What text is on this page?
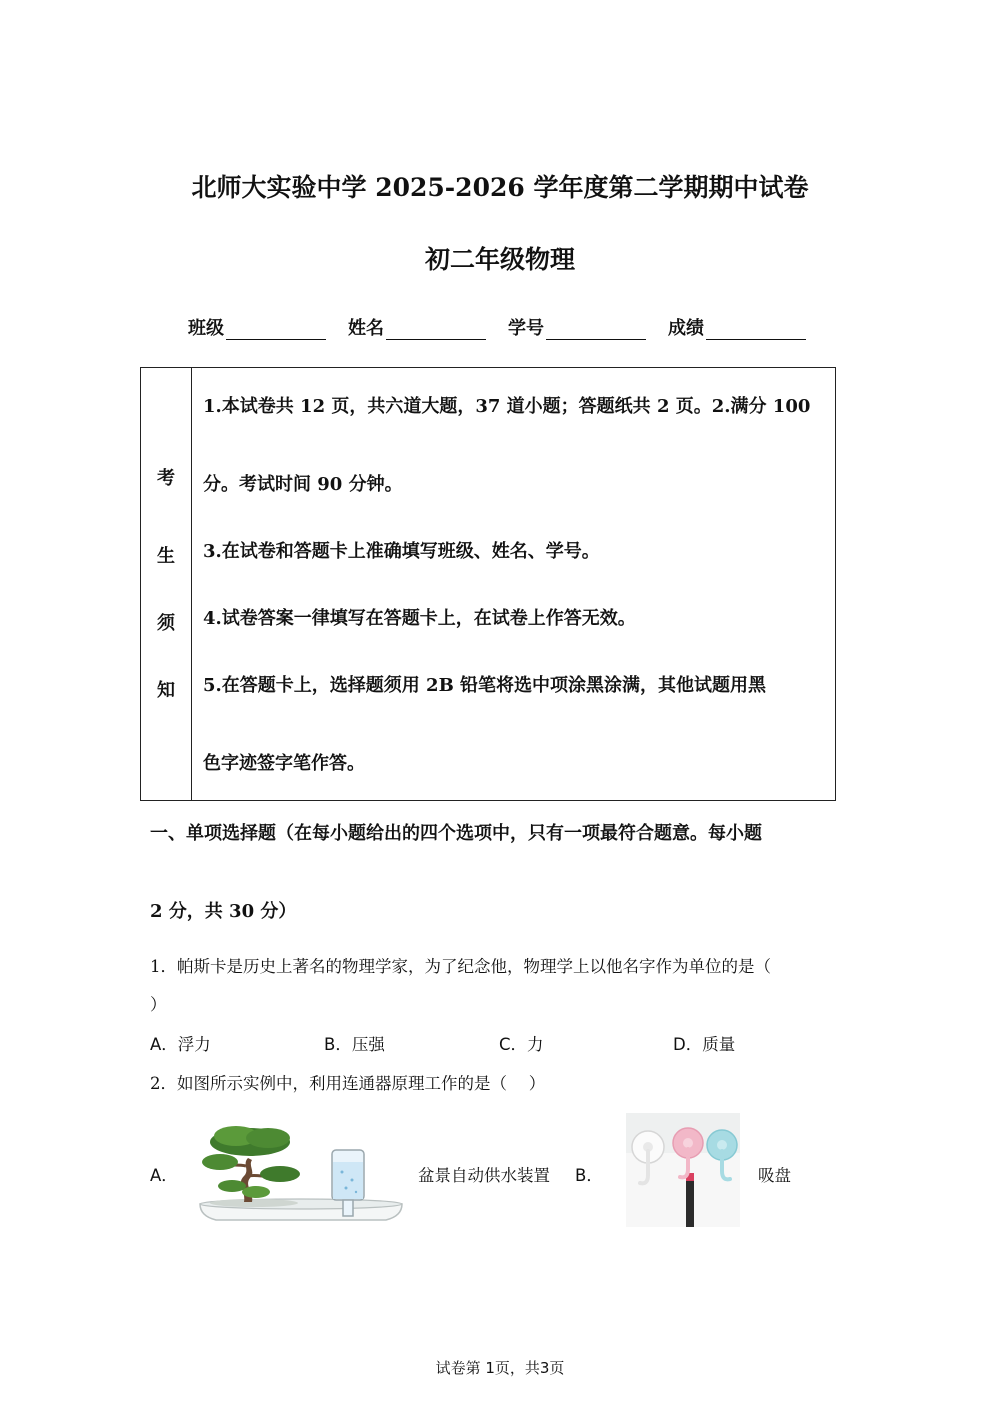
北师大实验中学 2025-2026 学年度第二学期期中试卷
初二年级物理
班级	姓名	学号	成绩
考
生
须
知
1.本试卷共 12 页，共六道大题，37 道小题；答题纸共 2 页。2.满分 100
分。考试时间 90 分钟。
3.在试卷和答题卡上准确填写班级、姓名、学号。
4.试卷答案一律填写在答题卡上，在试卷上作答无效。
5.在答题卡上，选择题须用 2B 铅笔将选中项涂黑涂满，其他试题用黑
色字迹签字笔作答。
一、单项选择题（在每小题给出的四个选项中，只有一项最符合题意。每小题
2 分，共 30 分）
1．帕斯卡是历史上著名的物理学家，为了纪念他，物理学上以他名字作为单位的是（
）
A．浮力	B．压强	C．力	D．质量
2．如图所示实例中，利用连通器原理工作的是（　 ）
A．	盆景自动供水装置 B．	吸盘
试卷第 1页，共3页
